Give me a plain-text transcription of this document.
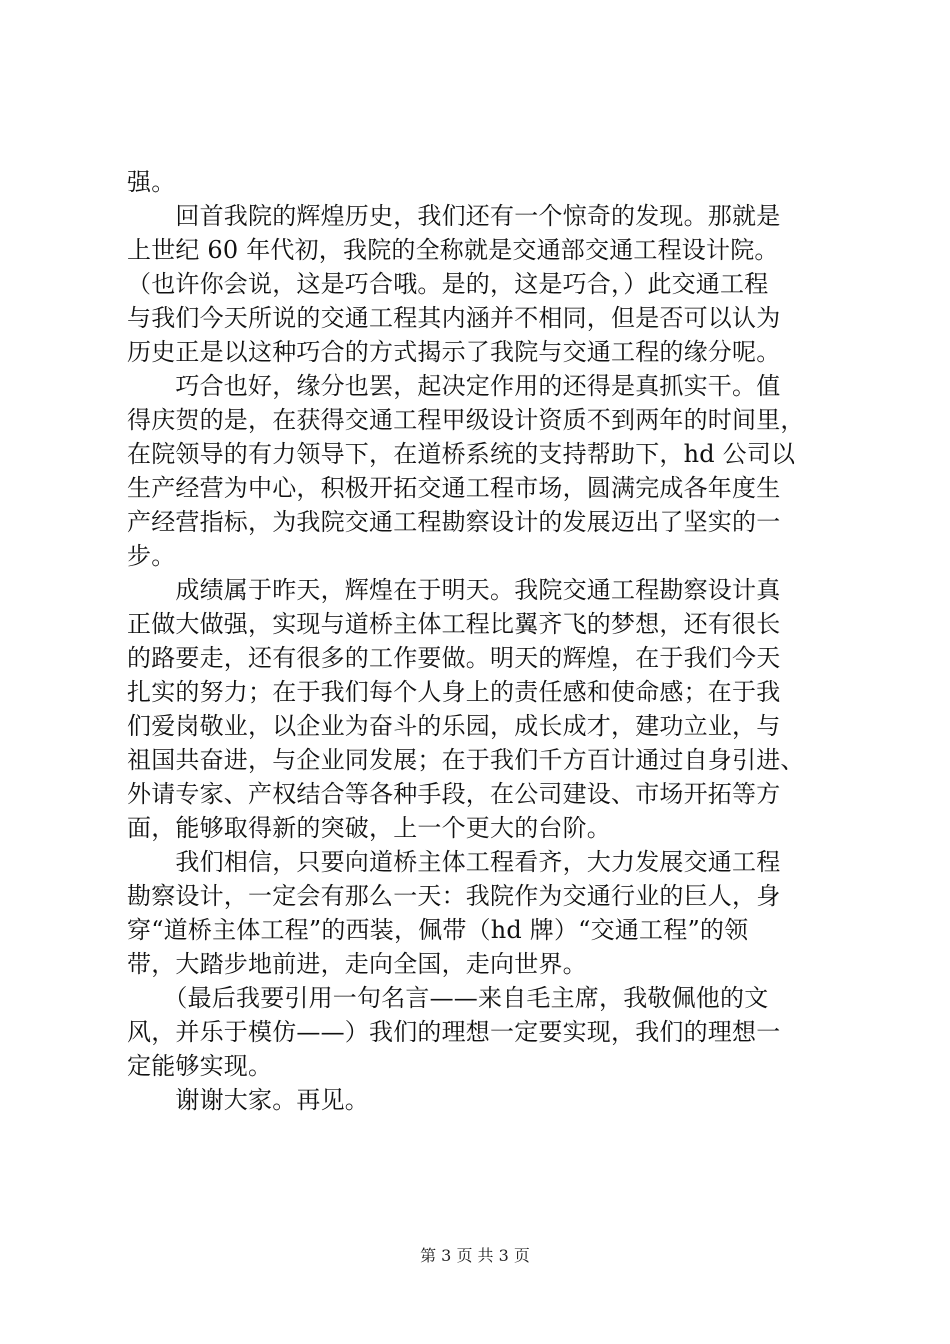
强。
　　回首我院的辉煌历史，我们还有一个惊奇的发现。那就是
上世纪 60 年代初，我院的全称就是交通部交通工程设计院。
（也许你会说，这是巧合哦。是的，这是巧合，）此交通工程
与我们今天所说的交通工程其内涵并不相同，但是否可以认为
历史正是以这种巧合的方式揭示了我院与交通工程的缘分呢。
　　巧合也好，缘分也罢，起决定作用的还得是真抓实干。值
得庆贺的是，在获得交通工程甲级设计资质不到两年的时间里，
在院领导的有力领导下，在道桥系统的支持帮助下，hd 公司以
生产经营为中心，积极开拓交通工程市场，圆满完成各年度生
产经营指标，为我院交通工程勘察设计的发展迈出了坚实的一
步。
　　成绩属于昨天，辉煌在于明天。我院交通工程勘察设计真
正做大做强，实现与道桥主体工程比翼齐飞的梦想，还有很长
的路要走，还有很多的工作要做。明天的辉煌，在于我们今天
扎实的努力；在于我们每个人身上的责任感和使命感；在于我
们爱岗敬业，以企业为奋斗的乐园，成长成才，建功立业，与
祖国共奋进，与企业同发展；在于我们千方百计通过自身引进、
外请专家、产权结合等各种手段，在公司建设、市场开拓等方
面，能够取得新的突破，上一个更大的台阶。
　　我们相信，只要向道桥主体工程看齐，大力发展交通工程
勘察设计，一定会有那么一天：我院作为交通行业的巨人，身
穿“道桥主体工程”的西装，佩带（hd 牌）“交通工程”的领
带，大踏步地前进，走向全国，走向世界。
　　（最后我要引用一句名言——来自毛主席，我敬佩他的文
风，并乐于模仿——）我们的理想一定要实现，我们的理想一
定能够实现。
　　谢谢大家。再见。
第 3 页 共 3 页
